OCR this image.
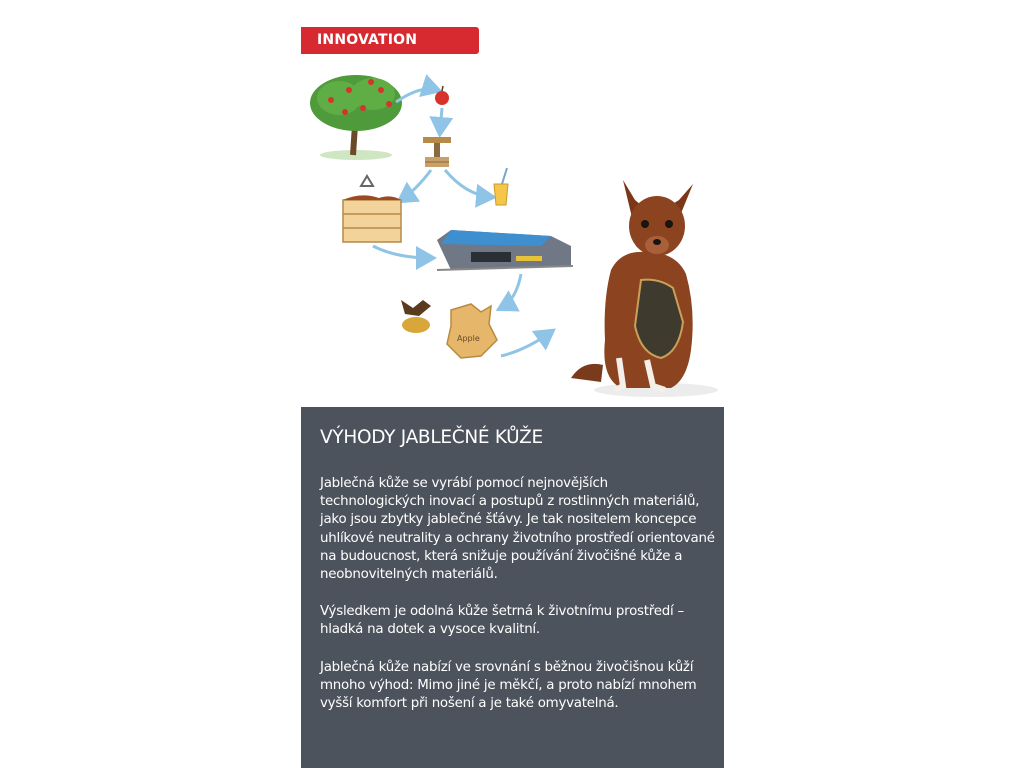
INNOVATION
Apple
VÝHODY JABLEČNÉ KŮŽE

Jablečná kůže se vyrábí pomocí nejnovějších technologických inovací a postupů z rostlinných materiálů, jako jsou zbytky jablečné šťávy. Je tak nositelem koncepce uhlíkové neutrality a ochrany životního prostředí orientované na budoucnost, která snižuje používání živočišné kůže a neobnovitelných materiálů.

Výsledkem je odolná kůže šetrná k životnímu prostředí – hladká na dotek a vysoce kvalitní.

Jablečná kůže nabízí ve srovnání s běžnou živočišnou kůží mnoho výhod: Mimo jiné je měkčí, a proto nabízí mnohem vyšší komfort při nošení a je také omyvatelná.
